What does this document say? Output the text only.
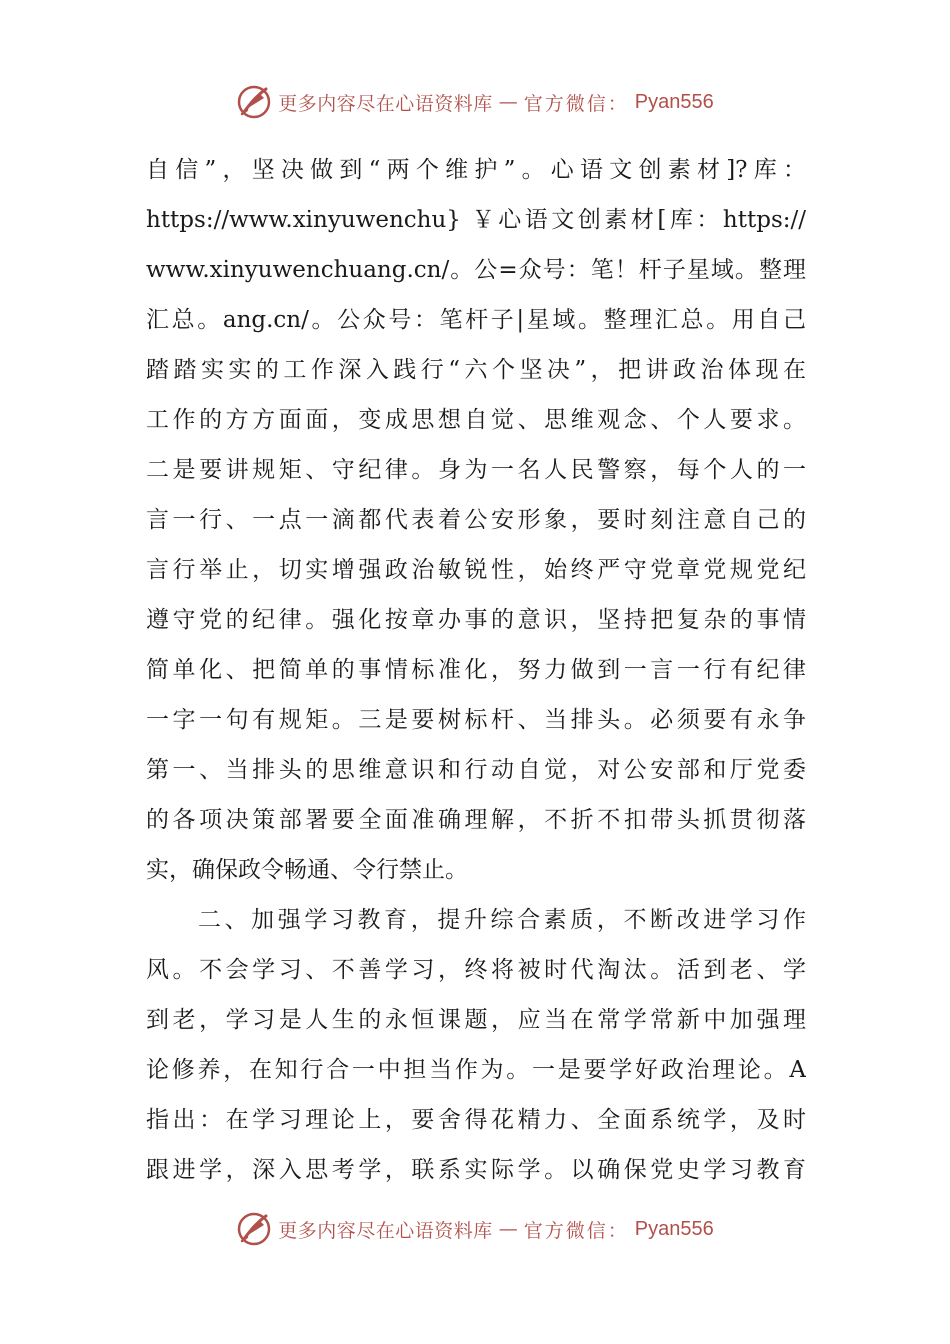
更多内容尽在心语资料库 — 官方微信： Pyan556
自信”，坚决做到“两个维护”。心语文创素材]?库：
https://www.xinyuwenchu} ￥心语文创素材[库：https://
www.xinyuwenchuang.cn/。公=众号：笔！杆子星域。整理
汇总。ang.cn/。公众号：笔杆子|星域。整理汇总。用自己
踏踏实实的工作深入践行“六个坚决”，把讲政治体现在
工作的方方面面，变成思想自觉、思维观念、个人要求。
二是要讲规矩、守纪律。身为一名人民警察，每个人的一
言一行、一点一滴都代表着公安形象，要时刻注意自己的
言行举止，切实增强政治敏锐性，始终严守党章党规党纪
遵守党的纪律。强化按章办事的意识，坚持把复杂的事情
简单化、把简单的事情标准化，努力做到一言一行有纪律
一字一句有规矩。三是要树标杆、当排头。必须要有永争
第一、当排头的思维意识和行动自觉，对公安部和厅党委
的各项决策部署要全面准确理解，不折不扣带头抓贯彻落
实，确保政令畅通、令行禁止。
二、加强学习教育，提升综合素质，不断改进学习作
风。不会学习、不善学习，终将被时代淘汰。活到老、学
到老，学习是人生的永恒课题，应当在常学常新中加强理
论修养，在知行合一中担当作为。一是要学好政治理论。A
指出：在学习理论上，要舍得花精力、全面系统学，及时
跟进学，深入思考学，联系实际学。以确保党史学习教育
更多内容尽在心语资料库 — 官方微信： Pyan556
